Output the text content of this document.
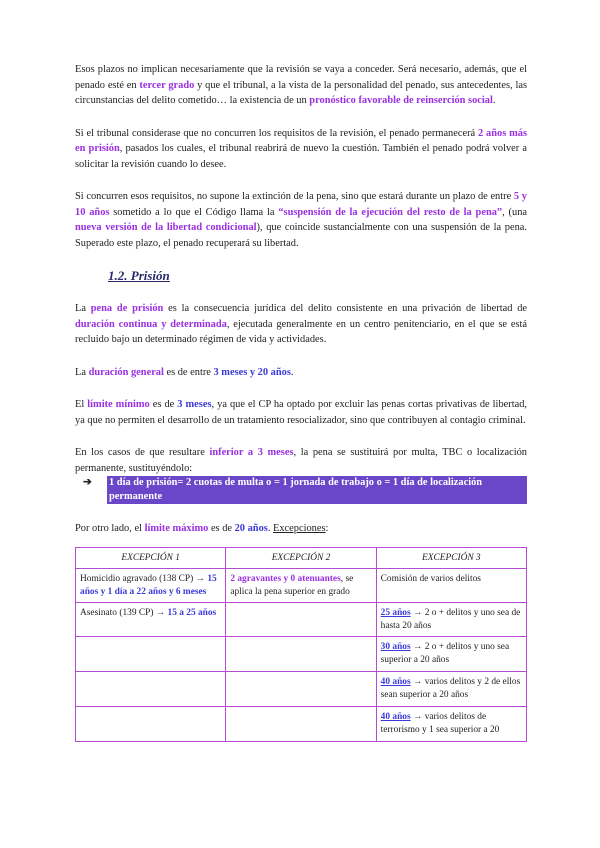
Esos plazos no implican necesariamente que la revisión se vaya a conceder. Será necesario, además, que el penado esté en tercer grado y que el tribunal, a la vista de la personalidad del penado, sus antecedentes, las circunstancias del delito cometido… la existencia de un pronóstico favorable de reinserción social.

Si el tribunal considerase que no concurren los requisitos de la revisión, el penado permanecerá 2 años más en prisión, pasados los cuales, el tribunal reabrirá de nuevo la cuestión. También el penado podrá volver a solicitar la revisión cuando lo desee.

Si concurren esos requisitos, no supone la extinción de la pena, sino que estará durante un plazo de entre 5 y 10 años sometido a lo que el Código llama la “suspensión de la ejecución del resto de la pena”, (una nueva versión de la libertad condicional), que coincide sustancialmente con una suspensión de la pena. Superado este plazo, el penado recuperará su libertad.

1.2. Prisión

La pena de prisión es la consecuencia jurídica del delito consistente en una privación de libertad de duración continua y determinada, ejecutada generalmente en un centro penitenciario, en el que se está recluido bajo un determinado régimen de vida y actividades.

La duración general es de entre 3 meses y 20 años.

El límite mínimo es de 3 meses, ya que el CP ha optado por excluir las penas cortas privativas de libertad, ya que no permiten el desarrollo de un tratamiento resocializador, sino que contribuyen al contagio criminal.

En los casos de que resultare inferior a 3 meses, la pena se sustituirá por multa, TBC o localización permanente, sustituyéndolo:

➔	1 día de prisión= 2 cuotas de multa o = 1 jornada de trabajo o = 1 día de localización permanente

Por otro lado, el límite máximo es de 20 años. Excepciones:

EXCEPCIÓN 1	EXCEPCIÓN 2	EXCEPCIÓN 3
Homicidio agravado (138 CP) → 15 años y 1 día a 22 años y 6 meses	2 agravantes y 0 atenuantes, se aplica la pena superior en grado	Comisión de varios delitos
Asesinato (139 CP) → 15 a 25 años		25 años → 2 o + delitos y uno sea de hasta 20 años
		30 años → 2 o + delitos y uno sea superior a 20 años
		40 años → varios delitos y 2 de ellos sean superior a 20 años
		40 años → varios delitos de terrorismo y 1 sea superior a 20
